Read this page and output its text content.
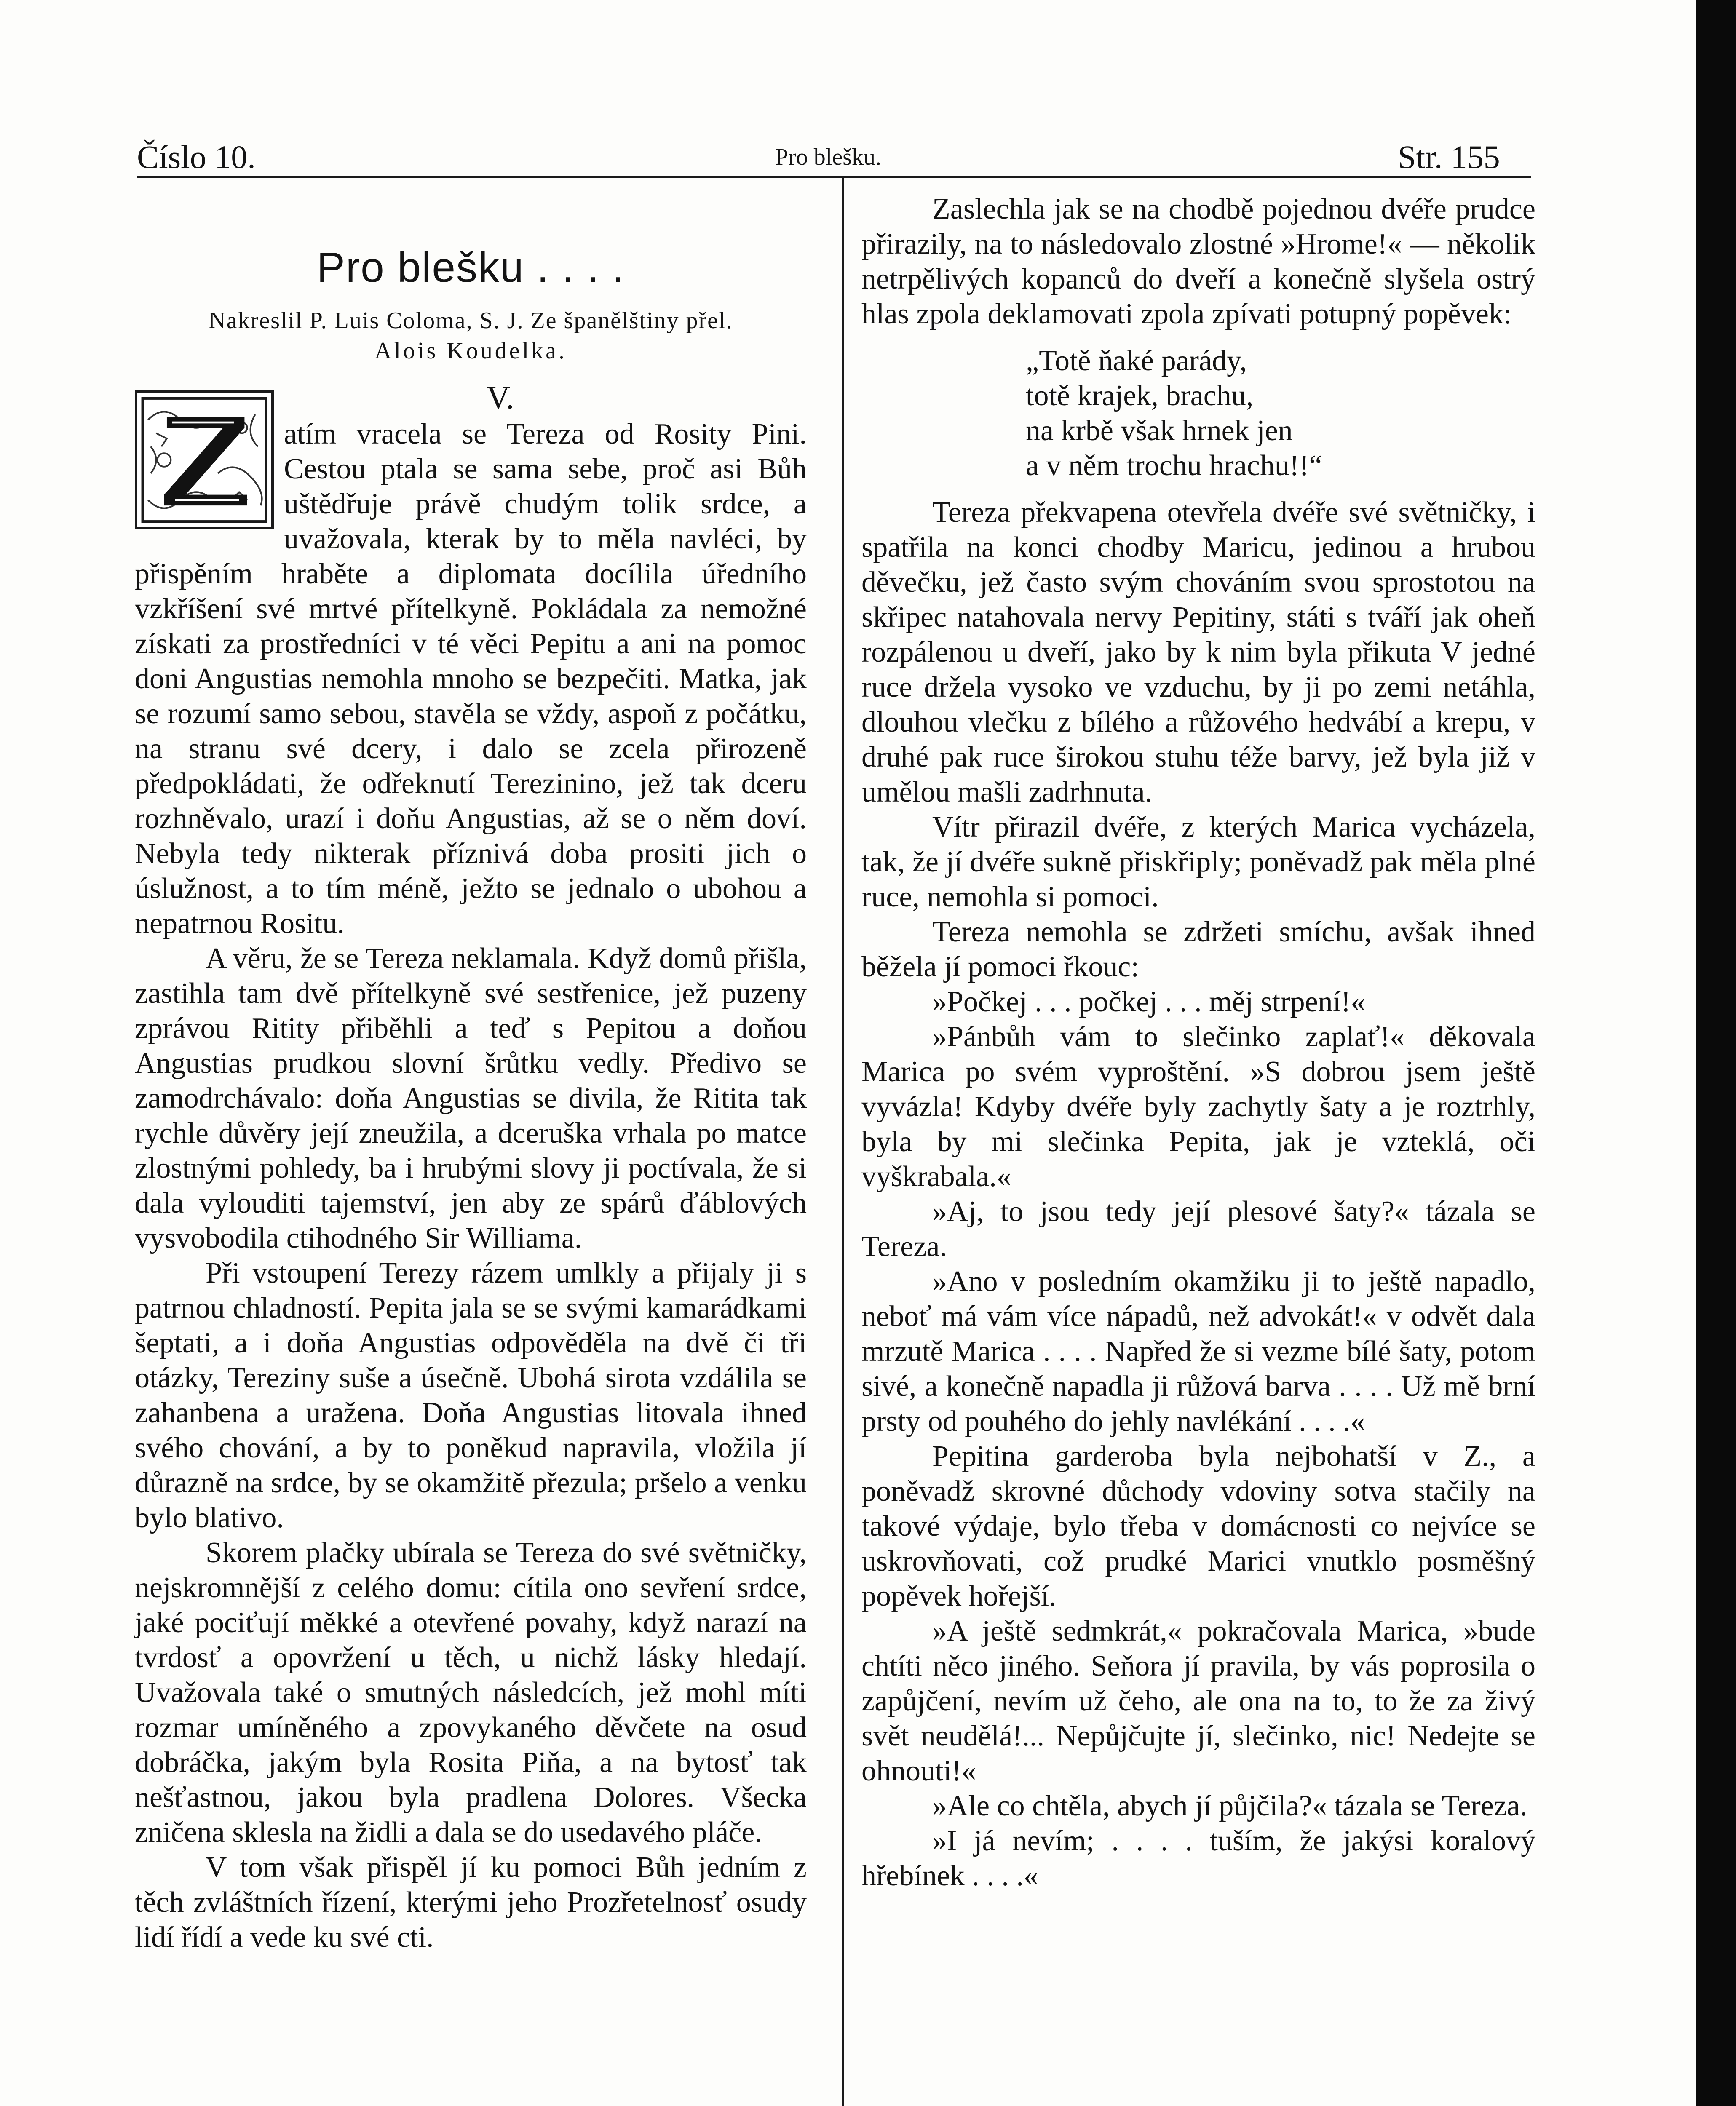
Číslo 10.	Pro blešku.	Str. 155
Pro blešku . . . .
Nakreslil P. Luis Coloma, S. J. Ze španělštiny přel.
Alois Koudelka.
V.

atím vracela se Tereza od Rosity Pini. Cestou ptala se sama sebe, proč asi Bůh uštědřuje právě chudým tolik srdce, a uvažovala, kterak by to měla navléci, by přispěním hraběte a diplomata docílila úředního vzkříšení své mrtvé přítelkyně. Pokládala za nemožné získati za prostředníci v té věci Pepitu a ani na pomoc doni Angustias nemohla mnoho se bezpečiti. Matka, jak se rozumí samo sebou, stavěla se vždy, aspoň z počátku, na stranu své dcery, i dalo se zcela přirozeně předpokládati, že odřeknutí Terezinino, jež tak dceru rozhněvalo, urazí i doňu Angustias, až se o něm doví. Nebyla tedy nikterak příznivá doba prositi jich o úslužnost, a to tím méně, ježto se jednalo o ubohou a nepatrnou Rositu.

A věru, že se Tereza neklamala. Když domů přišla, zastihla tam dvě přítelkyně své sestřenice, jež puzeny zprávou Ritity přiběhli a teď s Pepitou a doňou Angustias prudkou slovní šrůtku vedly. Předivo se zamodrchávalo: doňa Angustias se divila, že Ritita tak rychle důvěry její zneužila, a dceruška vrhala po matce zlostnými pohledy, ba i hrubými slovy ji poctívala, že si dala vylouditi tajemství, jen aby ze spárů ďáblových vysvobodila ctihodného Sir Williama.

Při vstoupení Terezy rázem umlkly a přijaly ji s patrnou chladností. Pepita jala se se svými kamarádkami šeptati, a i doňa Angustias odpověděla na dvě či tři otázky, Tereziny suše a úsečně. Ubohá sirota vzdálila se zahanbena a uražena. Doňa Angustias litovala ihned svého chování, a by to poněkud napravila, vložila jí důrazně na srdce, by se okamžitě přezula; pršelo a venku bylo blativo.

Skorem plačky ubírala se Tereza do své světničky, nejskromnější z celého domu: cítila ono sevření srdce, jaké pociťují měkké a otevřené povahy, když narazí na tvrdosť a opovržení u těch, u nichž lásky hledají. Uvažovala také o smutných následcích, jež mohl míti rozmar umíněného a zpovykaného děvčete na osud dobráčka, jakým byla Rosita Piňa, a na bytosť tak nešťastnou, jakou byla pradlena Dolores. Všecka zničena sklesla na židli a dala se do usedavého pláče.

V tom však přispěl jí ku pomoci Bůh jedním z těch zvláštních řízení, kterými jeho Prozřetelnosť osudy lidí řídí a vede ku své cti.

Zaslechla jak se na chodbě pojednou dvéře prudce přirazily, na to následovalo zlostné »Hrome!« — několik netrpělivých kopanců do dveří a konečně slyšela ostrý hlas zpola deklamovati zpola zpívati potupný popěvek:

„Totě ňaké parády,
totě krajek, brachu,
na krbě však hrnek jen
a v něm trochu hrachu!!“

Tereza překvapena otevřela dvéře své světničky, i spatřila na konci chodby Maricu, jedinou a hrubou děvečku, jež často svým chováním svou sprostotou na skřipec natahovala nervy Pepitiny, státi s tváří jak oheň rozpálenou u dveří, jako by k nim byla přikuta V jedné ruce držela vysoko ve vzduchu, by ji po zemi netáhla, dlouhou vlečku z bílého a růžového hedvábí a krepu, v druhé pak ruce širokou stuhu téže barvy, jež byla již v umělou mašli zadrhnuta.

Vítr přirazil dvéře, z kterých Marica vycházela, tak, že jí dvéře sukně přiskřiply; poněvadž pak měla plné ruce, nemohla si pomoci.

Tereza nemohla se zdržeti smíchu, avšak ihned běžela jí pomoci řkouc:

»Počkej . . . počkej . . . měj strpení!«

»Pánbůh vám to slečinko zaplať!« děkovala Marica po svém vyproštění. »S dobrou jsem ještě vyvázla! Kdyby dvéře byly zachytly šaty a je roztrhly, byla by mi slečinka Pepita, jak je vzteklá, oči vyškrabala.«

»Aj, to jsou tedy její plesové šaty?« tázala se Tereza.

»Ano v posledním okamžiku ji to ještě napadlo, neboť má vám více nápadů, než advokát!« v odvět dala mrzutě Marica . . . . Napřed že si vezme bílé šaty, potom sivé, a konečně napadla ji růžová barva . . . . Už mě brní prsty od pouhého do jehly navlékání . . . .«

Pepitina garderoba byla nejbohatší v Z., a poněvadž skrovné důchody vdoviny sotva stačily na takové výdaje, bylo třeba v domácnosti co nejvíce se uskrovňovati, což prudké Marici vnutklo posměšný popěvek hořejší.

»A ještě sedmkrát,« pokračovala Marica, »bude chtíti něco jiného. Seňora jí pravila, by vás poprosila o zapůjčení, nevím už čeho, ale ona na to, to že za živý svět neudělá!... Nepůjčujte jí, slečinko, nic! Nedejte se ohnouti!«

»Ale co chtěla, abych jí půjčila?« tázala se Tereza.

»I já nevím; . . . . tuším, že jakýsi koralový hřebínek . . . .«
